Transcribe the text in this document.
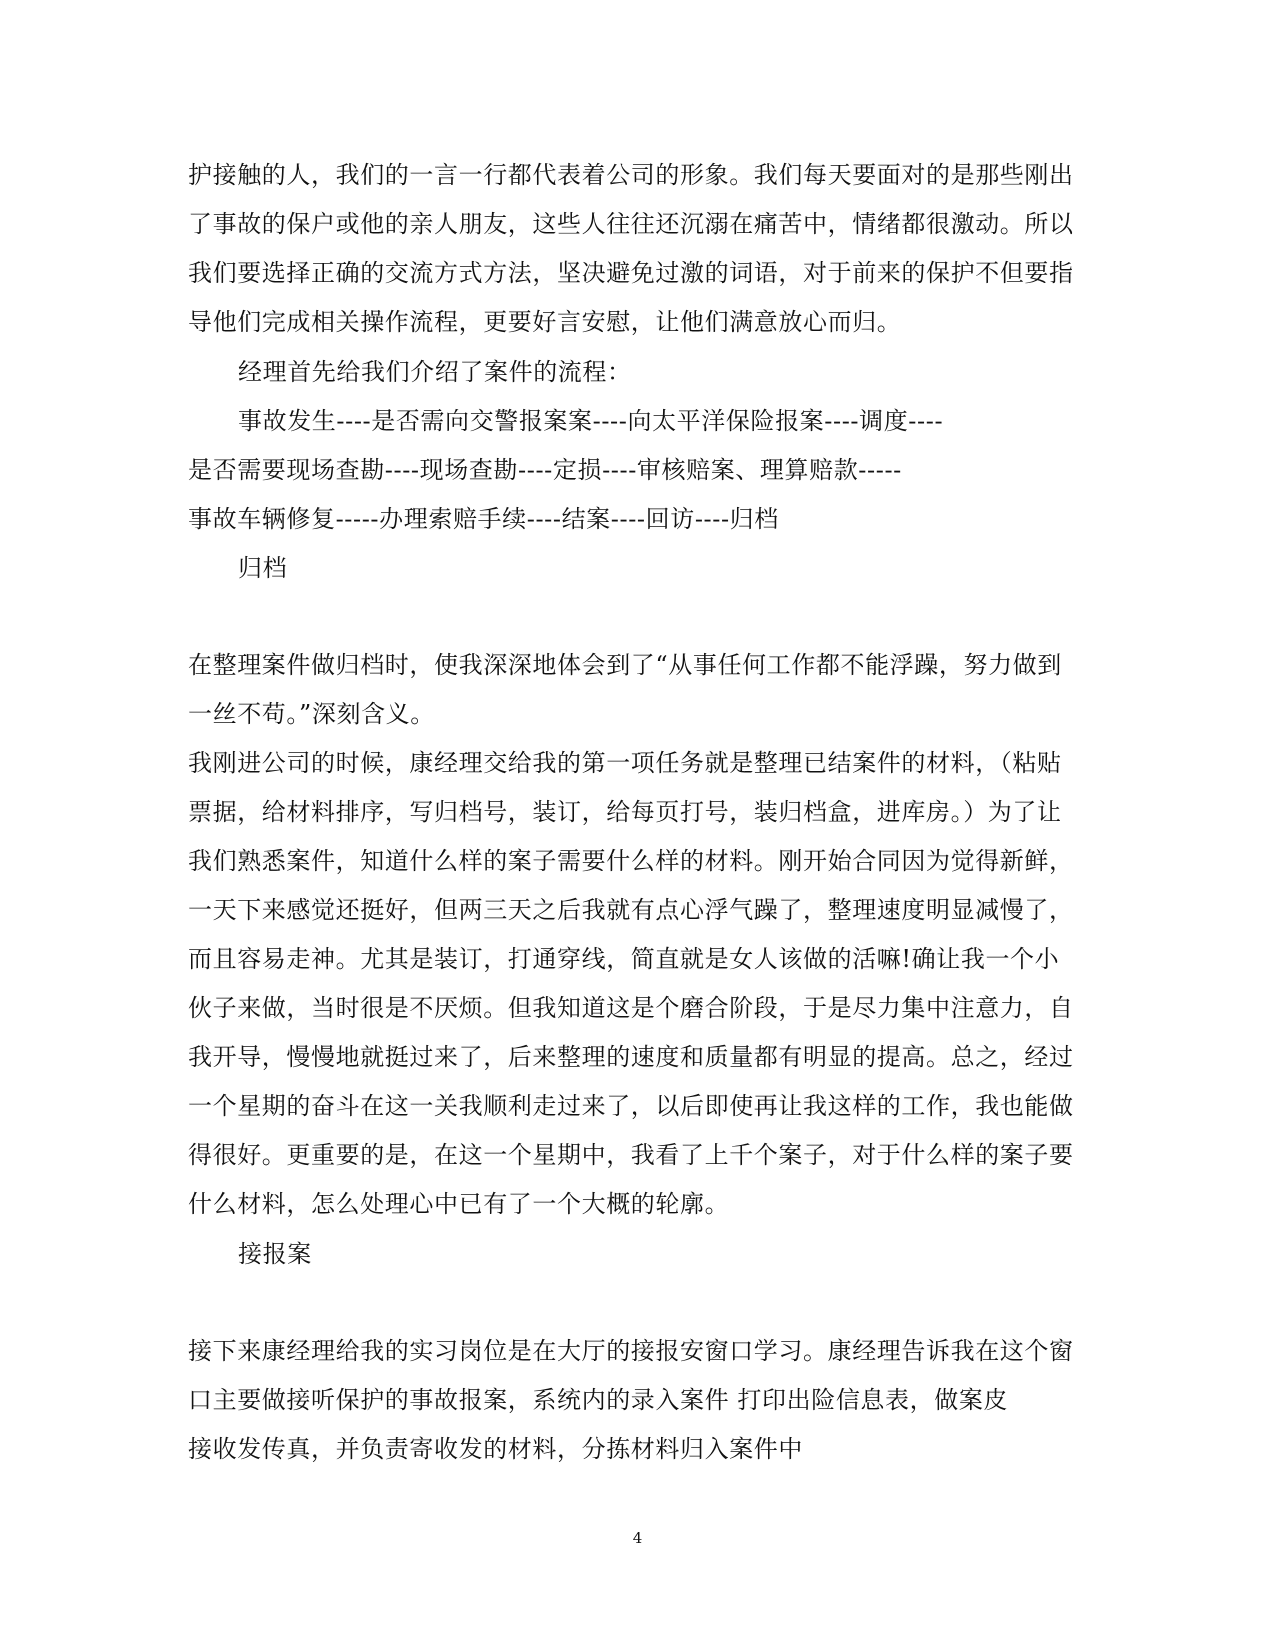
护接触的人，我们的一言一行都代表着公司的形象。我们每天要面对的是那些刚出
了事故的保户或他的亲人朋友，这些人往往还沉溺在痛苦中，情绪都很激动。所以
我们要选择正确的交流方式方法，坚决避免过激的词语，对于前来的保护不但要指
导他们完成相关操作流程，更要好言安慰，让他们满意放心而归。
经理首先给我们介绍了案件的流程：
事故发生----是否需向交警报案案----向太平洋保险报案----调度----
是否需要现场查勘----现场查勘----定损----审核赔案、理算赔款-----
事故车辆修复-----办理索赔手续----结案----回访----归档
归档
在整理案件做归档时，使我深深地体会到了“从事任何工作都不能浮躁，努力做到
一丝不苟。”深刻含义。
我刚进公司的时候，康经理交给我的第一项任务就是整理已结案件的材料，（粘贴
票据，给材料排序，写归档号，装订，给每页打号，装归档盒，进库房。）为了让
我们熟悉案件，知道什么样的案子需要什么样的材料。刚开始合同因为觉得新鲜，
一天下来感觉还挺好，但两三天之后我就有点心浮气躁了，整理速度明显减慢了，
而且容易走神。尤其是装订，打通穿线，简直就是女人该做的活嘛!确让我一个小
伙子来做，当时很是不厌烦。但我知道这是个磨合阶段，于是尽力集中注意力，自
我开导，慢慢地就挺过来了，后来整理的速度和质量都有明显的提高。总之，经过
一个星期的奋斗在这一关我顺利走过来了，以后即使再让我这样的工作，我也能做
得很好。更重要的是，在这一个星期中，我看了上千个案子，对于什么样的案子要
什么材料，怎么处理心中已有了一个大概的轮廓。
接报案
接下来康经理给我的实习岗位是在大厅的接报安窗口学习。康经理告诉我在这个窗
口主要做接听保护的事故报案，系统内的录入案件 打印出险信息表，做案皮
接收发传真，并负责寄收发的材料，分拣材料归入案件中
4
